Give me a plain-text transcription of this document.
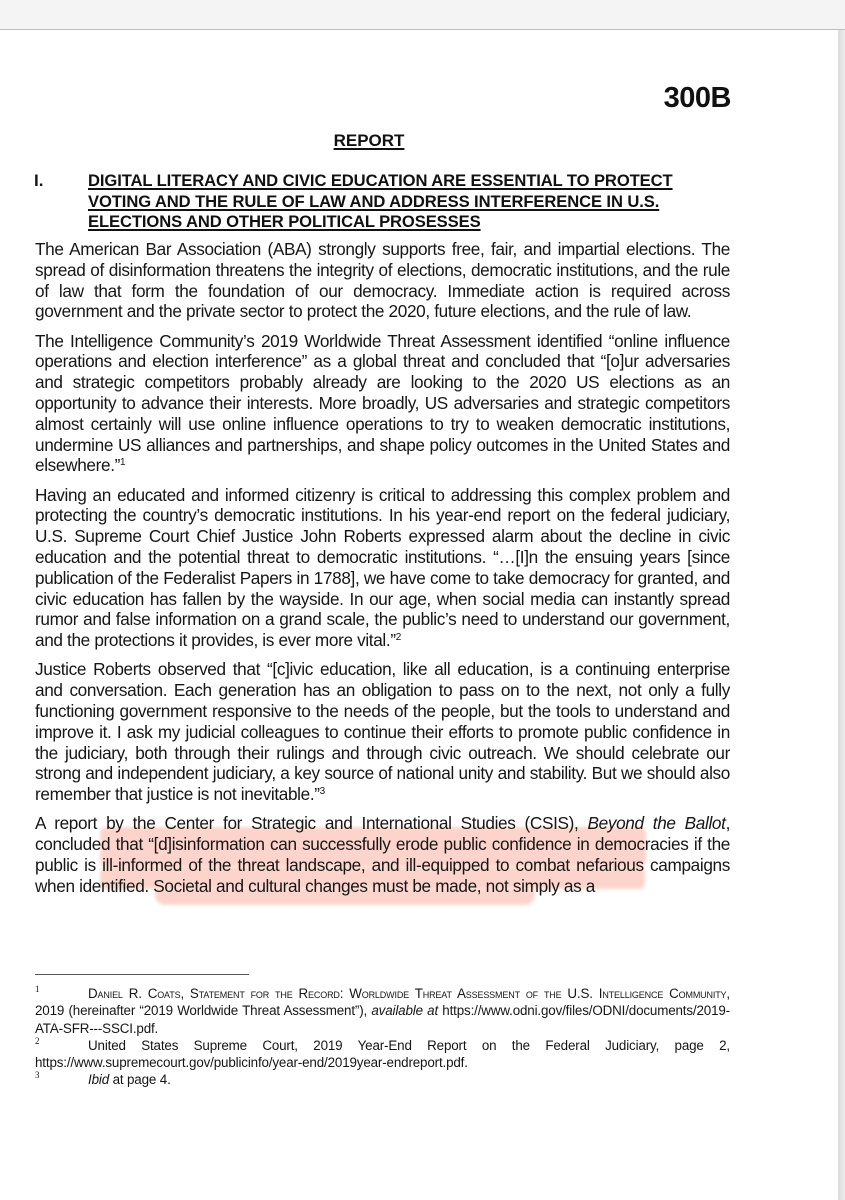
300B
REPORT
I.	DIGITAL LITERACY AND CIVIC EDUCATION ARE ESSENTIAL TO PROTECT VOTING AND THE RULE OF LAW AND ADDRESS INTERFERENCE IN U.S. ELECTIONS AND OTHER POLITICAL PROSESSES

The American Bar Association (ABA) strongly supports free, fair, and impartial elections. The spread of disinformation threatens the integrity of elections, democratic institutions, and the rule of law that form the foundation of our democracy. Immediate action is required across government and the private sector to protect the 2020, future elections, and the rule of law.

The Intelligence Community’s 2019 Worldwide Threat Assessment identified “online influence operations and election interference” as a global threat and concluded that “[o]ur adversaries and strategic competitors probably already are looking to the 2020 US elections as an opportunity to advance their interests. More broadly, US adversaries and strategic competitors almost certainly will use online influence operations to try to weaken democratic institutions, undermine US alliances and partnerships, and shape policy outcomes in the United States and elsewhere.”$^1$

Having an educated and informed citizenry is critical to addressing this complex problem and protecting the country’s democratic institutions. In his year-end report on the federal judiciary, U.S. Supreme Court Chief Justice John Roberts expressed alarm about the decline in civic education and the potential threat to democratic institutions. “…[I]n the ensuing years [since publication of the Federalist Papers in 1788], we have come to take democracy for granted, and civic education has fallen by the wayside. In our age, when social media can instantly spread rumor and false information on a grand scale, the public’s need to understand our government, and the protections it provides, is ever more vital.”$^2$

Justice Roberts observed that “[c]ivic education, like all education, is a continuing enterprise and conversation. Each generation has an obligation to pass on to the next, not only a fully functioning government responsive to the needs of the people, but the tools to understand and improve it. I ask my judicial colleagues to continue their efforts to promote public confidence in the judiciary, both through their rulings and through civic outreach. We should celebrate our strong and independent judiciary, a key source of national unity and stability. But we should also remember that justice is not inevitable.”$^3$

A report by the Center for Strategic and International Studies (CSIS), Beyond the Ballot, concluded that “[d]isinformation can successfully erode public confidence in democracies if the public is ill-informed of the threat landscape, and ill-equipped to combat nefarious campaigns when identified. Societal and cultural changes must be made, not simply as a

1	Daniel R. Coats, Statement for the Record: Worldwide Threat Assessment of the U.S. Intelligence Community, 2019 (hereinafter “2019 Worldwide Threat Assessment”), available at https://www.odni.gov/files/ODNI/documents/2019-ATA-SFR---SSCI.pdf.

2	United States Supreme Court, 2019 Year-End Report on the Federal Judiciary, page 2, https://www.supremecourt.gov/publicinfo/year-end/2019year-endreport.pdf.

3	Ibid at page 4.
